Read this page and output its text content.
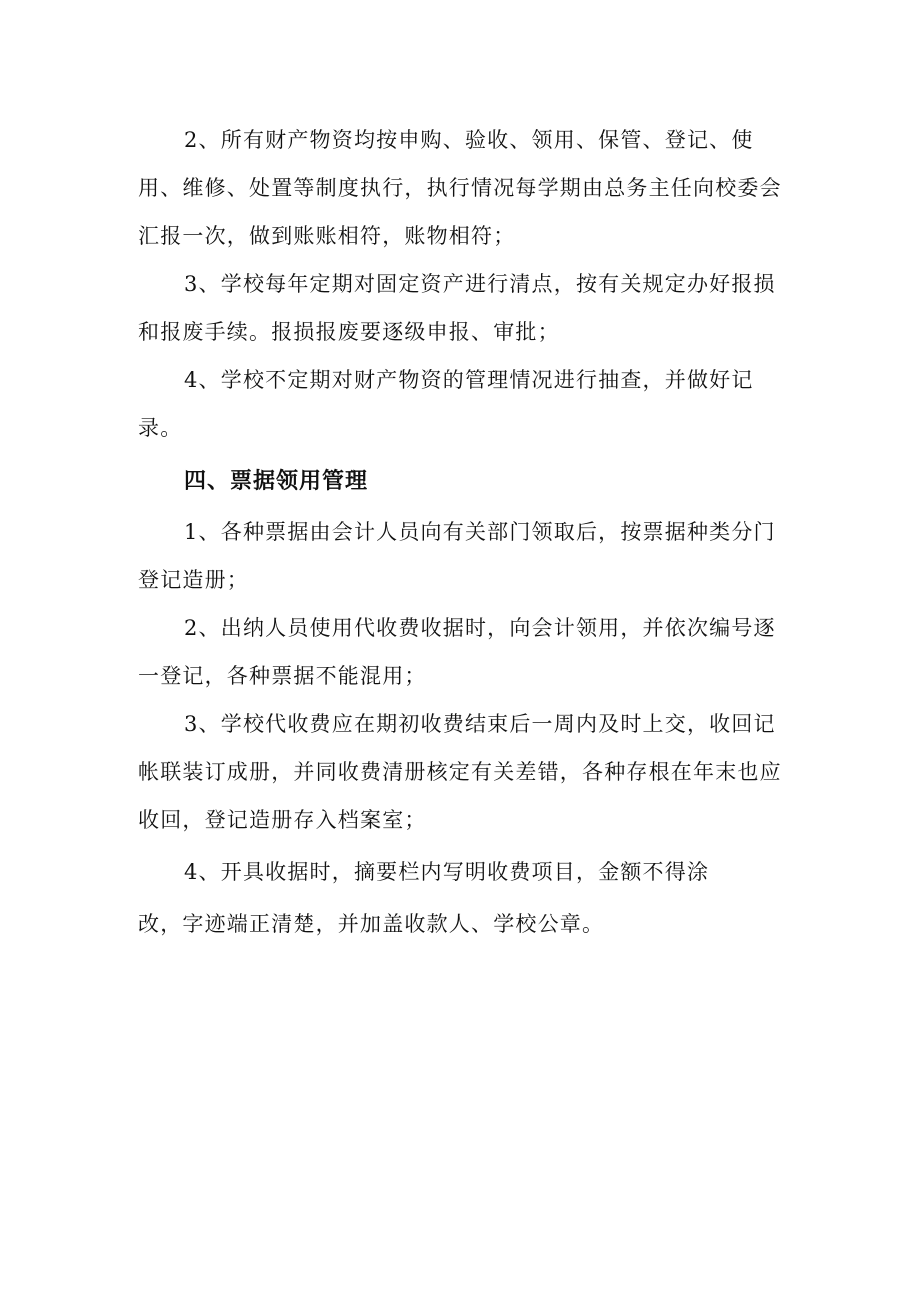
2、所有财产物资均按申购、验收、领用、保管、登记、使用、维修、处置等制度执行，执行情况每学期由总务主任向校委会汇报一次，做到账账相符，账物相符；

3、学校每年定期对固定资产进行清点，按有关规定办好报损和报废手续。报损报废要逐级申报、审批；

4、学校不定期对财产物资的管理情况进行抽查，并做好记录。

四、票据领用管理

1、各种票据由会计人员向有关部门领取后，按票据种类分门登记造册；

2、出纳人员使用代收费收据时，向会计领用，并依次编号逐一登记，各种票据不能混用；

3、学校代收费应在期初收费结束后一周内及时上交，收回记帐联装订成册，并同收费清册核定有关差错，各种存根在年末也应收回，登记造册存入档案室；

4、开具收据时，摘要栏内写明收费项目，金额不得涂

改，字迹端正清楚，并加盖收款人、学校公章。
